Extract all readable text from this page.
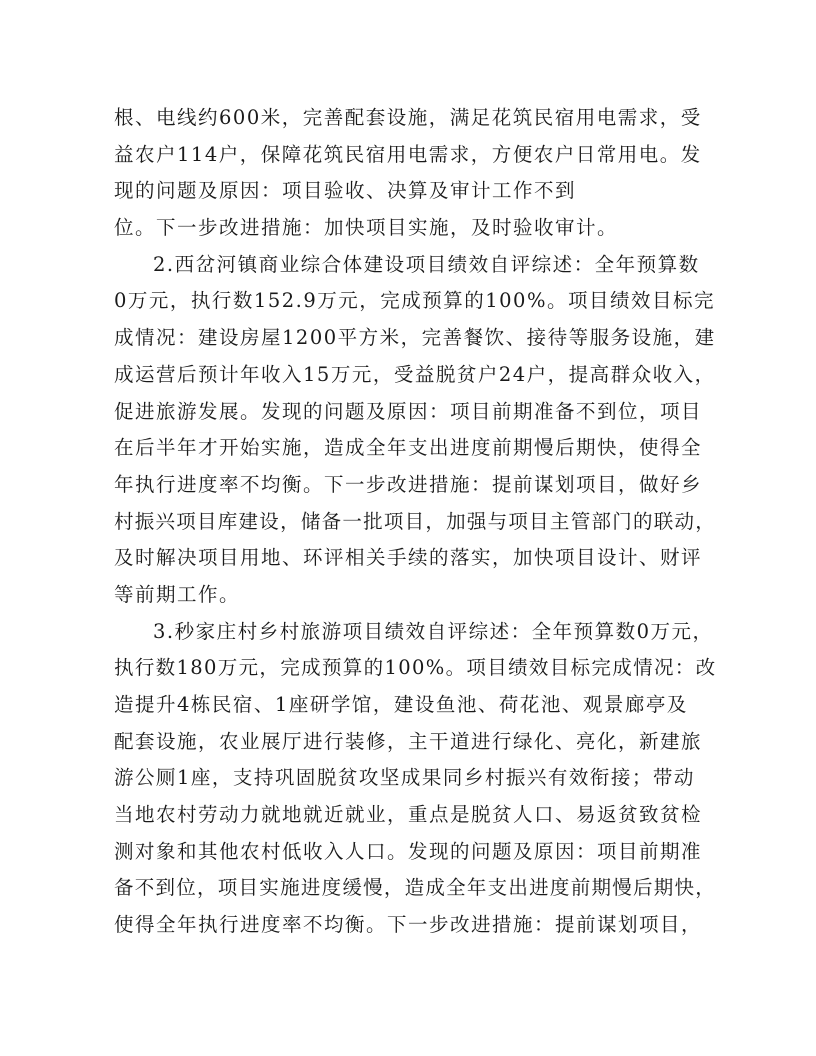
根、电线约600米，完善配套设施，满足花筑民宿用电需求，受
益农户114户，保障花筑民宿用电需求，方便农户日常用电。发
现的问题及原因：项目验收、决算及审计工作不到
位。下一步改进措施：加快项目实施，及时验收审计。
2.西岔河镇商业综合体建设项目绩效自评综述：全年预算数
0万元，执行数152.9万元，完成预算的100%。项目绩效目标完
成情况：建设房屋1200平方米，完善餐饮、接待等服务设施，建
成运营后预计年收入15万元，受益脱贫户24户，提高群众收入，
促进旅游发展。发现的问题及原因：项目前期准备不到位，项目
在后半年才开始实施，造成全年支出进度前期慢后期快，使得全
年执行进度率不均衡。下一步改进措施：提前谋划项目，做好乡
村振兴项目库建设，储备一批项目，加强与项目主管部门的联动，
及时解决项目用地、环评相关手续的落实，加快项目设计、财评
等前期工作。
3.秒家庄村乡村旅游项目绩效自评综述：全年预算数0万元，
执行数180万元，完成预算的100%。项目绩效目标完成情况：改
造提升4栋民宿、1座研学馆，建设鱼池、荷花池、观景廊亭及
配套设施，农业展厅进行装修，主干道进行绿化、亮化，新建旅
游公厕1座，支持巩固脱贫攻坚成果同乡村振兴有效衔接；带动
当地农村劳动力就地就近就业，重点是脱贫人口、易返贫致贫检
测对象和其他农村低收入人口。发现的问题及原因：项目前期准
备不到位，项目实施进度缓慢，造成全年支出进度前期慢后期快，
使得全年执行进度率不均衡。下一步改进措施：提前谋划项目，
